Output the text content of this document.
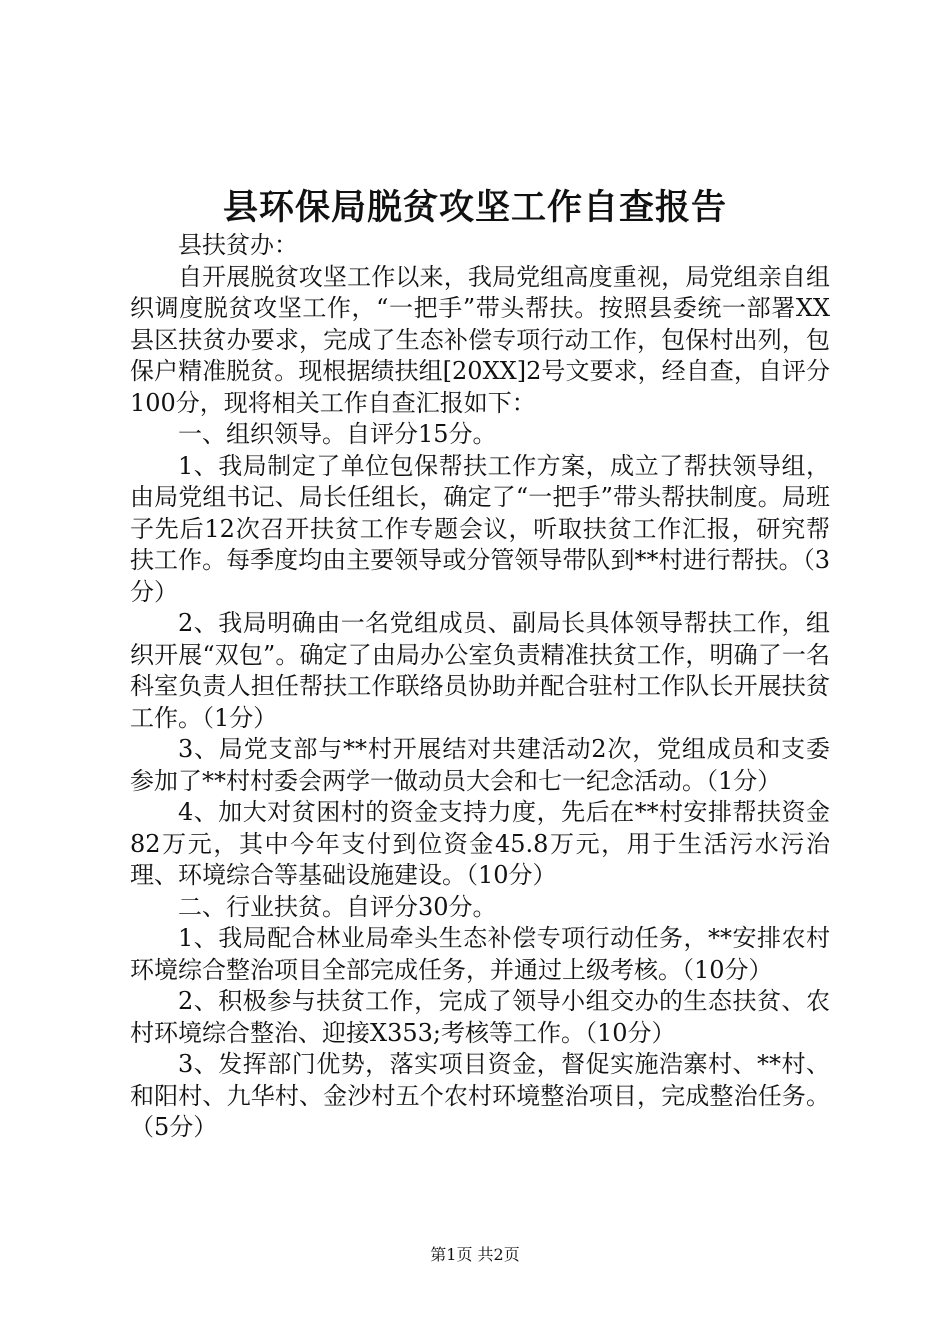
县环保局脱贫攻坚工作自查报告

县扶贫办：

自开展脱贫攻坚工作以来，我局党组高度重视，局党组亲自组织调度脱贫攻坚工作，“一把手”带头帮扶。按照县委统一部署XX县区扶贫办要求，完成了生态补偿专项行动工作，包保村出列，包保户精准脱贫。现根据绩扶组[20XX]2号文要求，经自查，自评分100分，现将相关工作自查汇报如下：

一、组织领导。自评分15分。

1、我局制定了单位包保帮扶工作方案，成立了帮扶领导组，由局党组书记、局长任组长，确定了“一把手”带头帮扶制度。局班子先后12次召开扶贫工作专题会议，听取扶贫工作汇报，研究帮扶工作。每季度均由主要领导或分管领导带队到**村进行帮扶。（3分）

2、我局明确由一名党组成员、副局长具体领导帮扶工作，组织开展“双包”。确定了由局办公室负责精准扶贫工作，明确了一名科室负责人担任帮扶工作联络员协助并配合驻村工作队长开展扶贫工作。（1分）

3、局党支部与**村开展结对共建活动2次，党组成员和支委参加了**村村委会两学一做动员大会和七一纪念活动。（1分）

4、加大对贫困村的资金支持力度，先后在**村安排帮扶资金82万元，其中今年支付到位资金45.8万元，用于生活污水污治理、环境综合等基础设施建设。（10分）

二、行业扶贫。自评分30分。

1、我局配合林业局牵头生态补偿专项行动任务，**安排农村环境综合整治项目全部完成任务，并通过上级考核。（10分）

2、积极参与扶贫工作，完成了领导小组交办的生态扶贫、农村环境综合整治、迎接X353;考核等工作。（10分）

3、发挥部门优势，落实项目资金，督促实施浩寨村、**村、和阳村、九华村、金沙村五个农村环境整治项目，完成整治任务。（5分）

第1页 共2页
